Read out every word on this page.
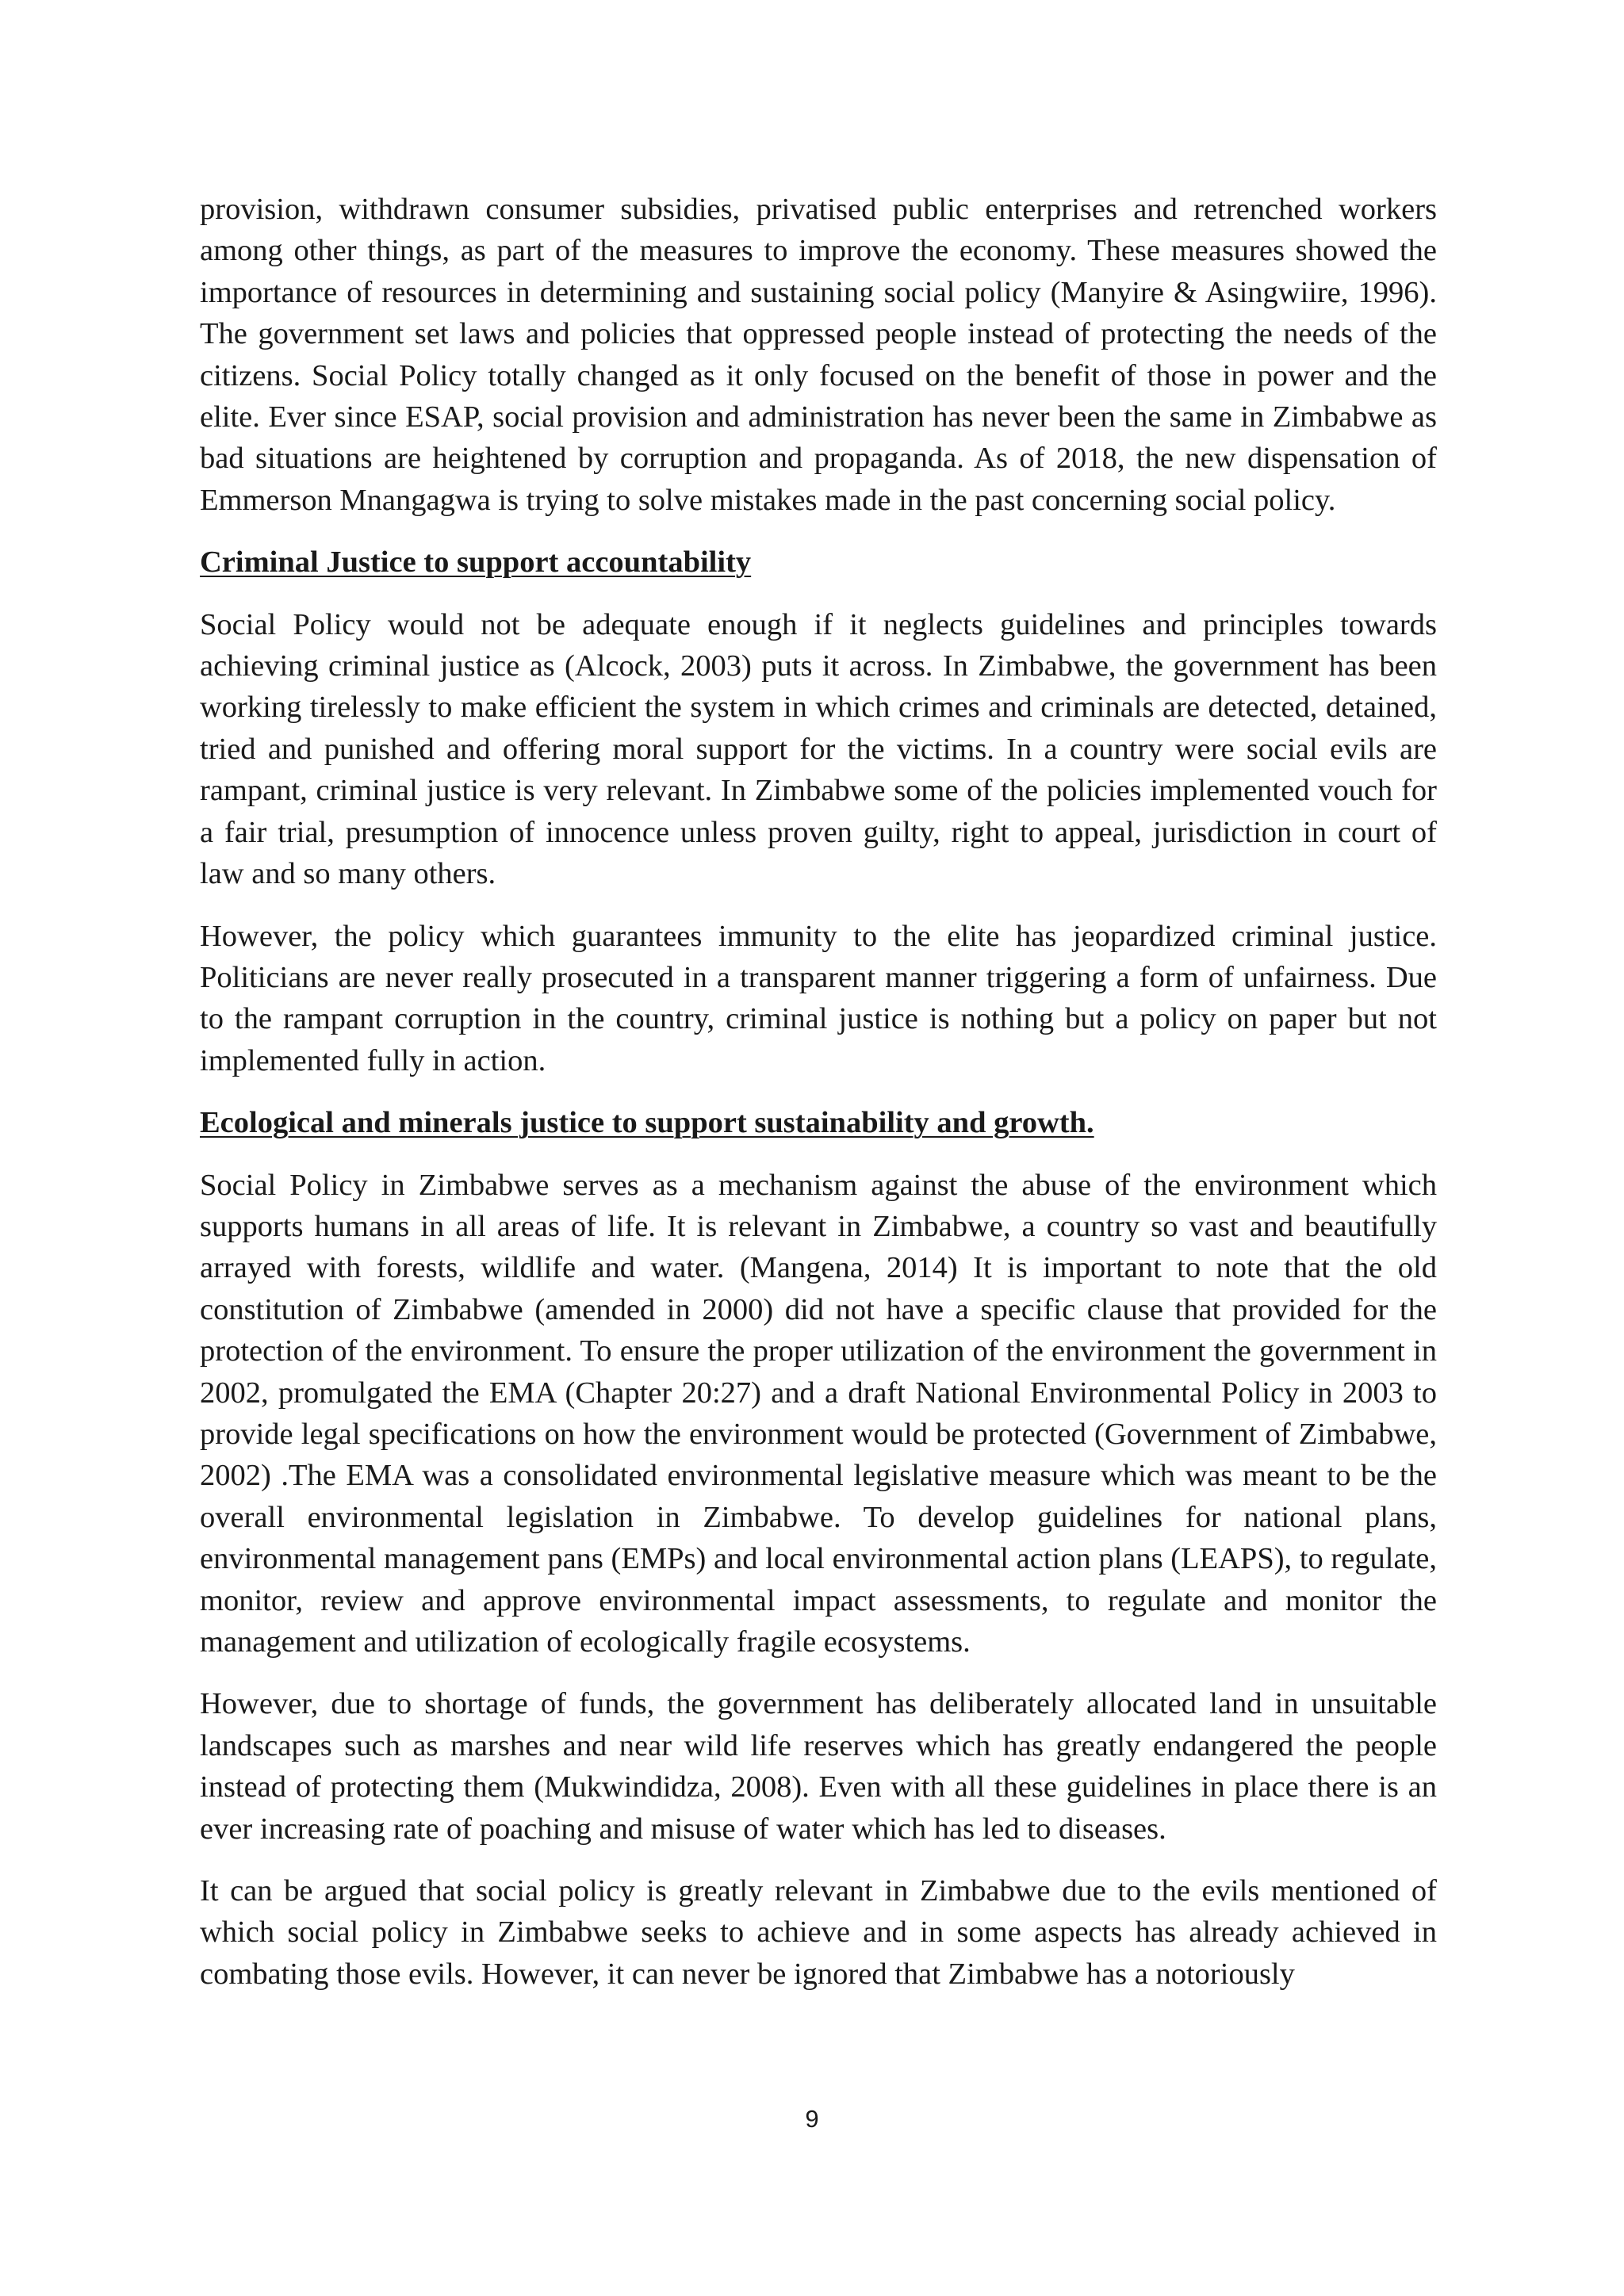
provision, withdrawn consumer subsidies, privatised public enterprises and retrenched workers among other things, as part of the measures to improve the economy. These measures showed the importance of resources in determining and sustaining social policy (Manyire & Asingwiire, 1996). The government set laws and policies that oppressed people instead of protecting the needs of the citizens. Social Policy totally changed as it only focused on the benefit of those in power and the elite. Ever since ESAP, social provision and administration has never been the same in Zimbabwe as bad situations are heightened by corruption and propaganda. As of 2018, the new dispensation of Emmerson Mnangagwa is trying to solve mistakes made in the past concerning social policy.

Criminal Justice to support accountability

Social Policy would not be adequate enough if it neglects guidelines and principles towards achieving criminal justice as (Alcock, 2003) puts it across. In Zimbabwe, the government has been working tirelessly to make efficient the system in which crimes and criminals are detected, detained, tried and punished and offering moral support for the victims. In a country were social evils are rampant, criminal justice is very relevant. In Zimbabwe some of the policies implemented vouch for a fair trial, presumption of innocence unless proven guilty, right to appeal, jurisdiction in court of law and so many others.

However, the policy which guarantees immunity to the elite has jeopardized criminal justice. Politicians are never really prosecuted in a transparent manner triggering a form of unfairness. Due to the rampant corruption in the country, criminal justice is nothing but a policy on paper but not implemented fully in action.

Ecological and minerals justice to support sustainability and growth.

Social Policy in Zimbabwe serves as a mechanism against the abuse of the environment which supports humans in all areas of life. It is relevant in Zimbabwe, a country so vast and beautifully arrayed with forests, wildlife and water. (Mangena, 2014) It is important to note that the old constitution of Zimbabwe (amended in 2000) did not have a specific clause that provided for the protection of the environment. To ensure the proper utilization of the environment the government in 2002, promulgated the EMA (Chapter 20:27) and a draft National Environmental Policy in 2003 to provide legal specifications on how the environment would be protected (Government of Zimbabwe, 2002) .The EMA was a consolidated environmental legislative measure which was meant to be the overall environmental legislation in Zimbabwe. To develop guidelines for national plans, environmental management pans (EMPs) and local environmental action plans (LEAPS), to regulate, monitor, review and approve environmental impact assessments, to regulate and monitor the management and utilization of ecologically fragile ecosystems.

However, due to shortage of funds, the government has deliberately allocated land in unsuitable landscapes such as marshes and near wild life reserves which has greatly endangered the people instead of protecting them (Mukwindidza, 2008). Even with all these guidelines in place there is an ever increasing rate of poaching and misuse of water which has led to diseases.

It can be argued that social policy is greatly relevant in Zimbabwe due to the evils mentioned of which social policy in Zimbabwe seeks to achieve and in some aspects has already achieved in combating those evils. However, it can never be ignored that Zimbabwe has a notoriously

9
